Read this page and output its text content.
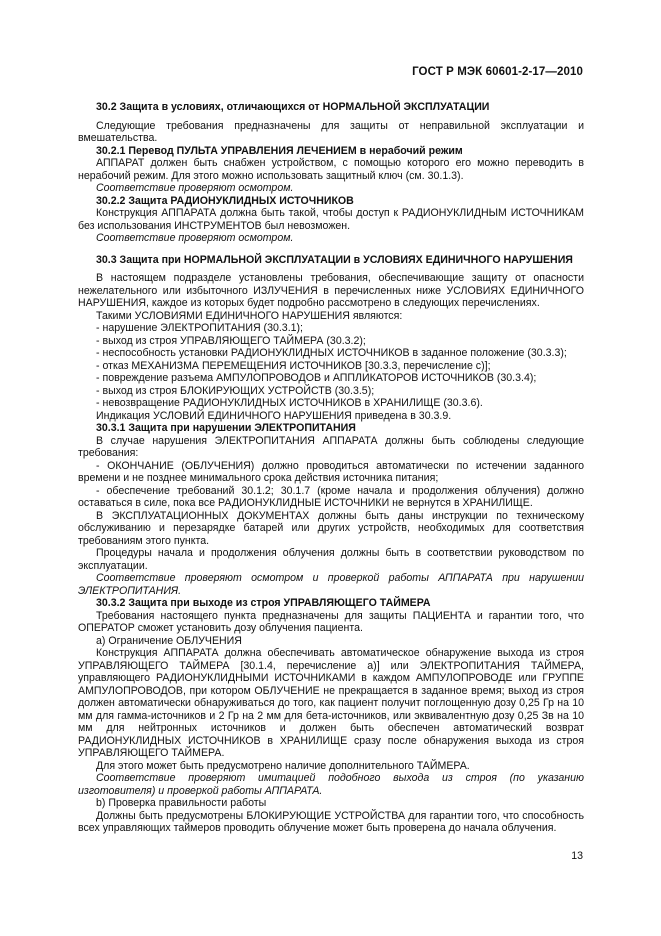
ГОСТ Р МЭК 60601-2-17—2010

30.2 Защита в условиях, отличающихся от НОРМАЛЬНОЙ ЭКСПЛУАТАЦИИ

Следующие требования предназначены для защиты от неправильной эксплуатации и вмешательства.

30.2.1 Перевод ПУЛЬТА УПРАВЛЕНИЯ ЛЕЧЕНИЕМ в нерабочий режим

АППАРАТ должен быть снабжен устройством, с помощью которого его можно переводить в нерабочий режим. Для этого можно использовать защитный ключ (см. 30.1.3).

Соответствие проверяют осмотром.

30.2.2 Защита РАДИОНУКЛИДНЫХ ИСТОЧНИКОВ

Конструкция АППАРАТА должна быть такой, чтобы доступ к РАДИОНУКЛИДНЫМ ИСТОЧНИКАМ без использования ИНСТРУМЕНТОВ был невозможен.

Соответствие проверяют осмотром.

30.3 Защита при НОРМАЛЬНОЙ ЭКСПЛУАТАЦИИ в УСЛОВИЯХ ЕДИНИЧНОГО НАРУШЕНИЯ

В настоящем подразделе установлены требования, обеспечивающие защиту от опасности нежелательного или избыточного ИЗЛУЧЕНИЯ в перечисленных ниже УСЛОВИЯХ ЕДИНИЧНОГО НАРУШЕНИЯ, каждое из которых будет подробно рассмотрено в следующих перечислениях.

Такими УСЛОВИЯМИ ЕДИНИЧНОГО НАРУШЕНИЯ являются:

- нарушение ЭЛЕКТРОПИТАНИЯ (30.3.1);

- выход из строя УПРАВЛЯЮЩЕГО ТАЙМЕРА (30.3.2);

- неспособность установки РАДИОНУКЛИДНЫХ ИСТОЧНИКОВ в заданное положение (30.3.3);

- отказ МЕХАНИЗМА ПЕРЕМЕЩЕНИЯ ИСТОЧНИКОВ [30.3.3, перечисление с)];

- повреждение разъема АМПУЛОПРОВОДОВ и АППЛИКАТОРОВ ИСТОЧНИКОВ (30.3.4);

- выход из строя БЛОКИРУЮЩИХ УСТРОЙСТВ (30.3.5);

- невозвращение РАДИОНУКЛИДНЫХ ИСТОЧНИКОВ в ХРАНИЛИЩЕ (30.3.6).

Индикация УСЛОВИЙ ЕДИНИЧНОГО НАРУШЕНИЯ приведена в 30.3.9.

30.3.1 Защита при нарушении ЭЛЕКТРОПИТАНИЯ

В случае нарушения ЭЛЕКТРОПИТАНИЯ АППАРАТА должны быть соблюдены следующие требования:

- ОКОНЧАНИЕ (ОБЛУЧЕНИЯ) должно проводиться автоматически по истечении заданного времени и не позднее минимального срока действия источника питания;

- обеспечение требований 30.1.2; 30.1.7 (кроме начала и продолжения облучения) должно оставаться в силе, пока все РАДИОНУКЛИДНЫЕ ИСТОЧНИКИ не вернутся в ХРАНИЛИЩЕ.

В ЭКСПЛУАТАЦИОННЫХ ДОКУМЕНТАХ должны быть даны инструкции по техническому обслуживанию и перезарядке батарей или других устройств, необходимых для соответствия требованиям этого пункта.

Процедуры начала и продолжения облучения должны быть в соответствии руководством по эксплуатации.

Соответствие проверяют осмотром и проверкой работы АППАРАТА при нарушении ЭЛЕКТРОПИТАНИЯ.

30.3.2 Защита при выходе из строя УПРАВЛЯЮЩЕГО ТАЙМЕРА

Требования настоящего пункта предназначены для защиты ПАЦИЕНТА и гарантии того, что ОПЕРАТОР сможет установить дозу облучения пациента.

а) Ограничение ОБЛУЧЕНИЯ

Конструкция АППАРАТА должна обеспечивать автоматическое обнаружение выхода из строя УПРАВЛЯЮЩЕГО ТАЙМЕРА [30.1.4, перечисление а)] или ЭЛЕКТРОПИТАНИЯ ТАЙМЕРА, управляющего РАДИОНУКЛИДНЫМИ ИСТОЧНИКАМИ в каждом АМПУЛОПРОВОДЕ или ГРУППЕ АМПУЛОПРОВОДОВ, при котором ОБЛУЧЕНИЕ не прекращается в заданное время; выход из строя должен автоматически обнаруживаться до того, как пациент получит поглощенную дозу 0,25 Гр на 10 мм для гамма-источников и 2 Гр на 2 мм для бета-источников, или эквивалентную дозу 0,25 Зв на 10 мм для нейтронных источников и должен быть обеспечен автоматический возврат РАДИОНУКЛИДНЫХ ИСТОЧНИКОВ в ХРАНИЛИЩЕ сразу после обнаружения выхода из строя УПРАВЛЯЮЩЕГО ТАЙМЕРА.

Для этого может быть предусмотрено наличие дополнительного ТАЙМЕРА.

Соответствие проверяют имитацией подобного выхода из строя (по указанию изготовителя) и проверкой работы АППАРАТА.

b) Проверка правильности работы

Должны быть предусмотрены БЛОКИРУЮЩИЕ УСТРОЙСТВА для гарантии того, что способность всех управляющих таймеров проводить облучение может быть проверена до начала облучения.

13
